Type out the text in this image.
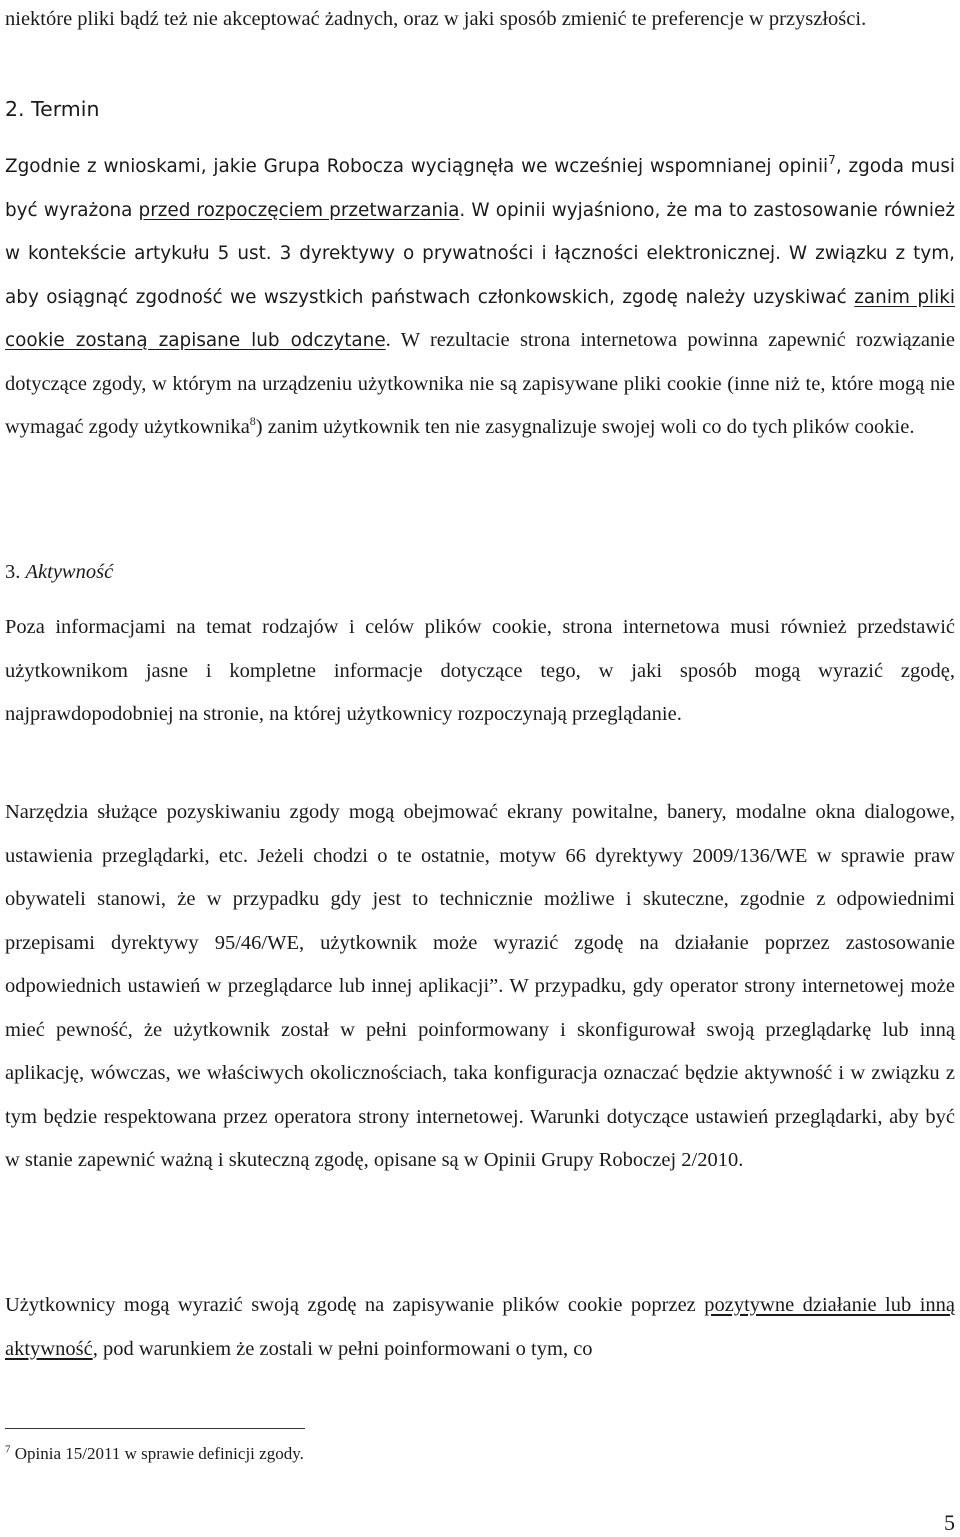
niektóre pliki bądź też nie akceptować żadnych, oraz w jaki sposób zmienić te preferencje w przyszłości.

2. Termin

Zgodnie z wnioskami, jakie Grupa Robocza wyciągnęła we wcześniej wspomnianej opinii$^7$, zgoda musi być wyrażona przed rozpoczęciem przetwarzania. W opinii wyjaśniono, że ma to zastosowanie również w kontekście artykułu 5 ust. 3 dyrektywy o prywatności i łączności elektronicznej. W związku z tym, aby osiągnąć zgodność we wszystkich państwach członkowskich, zgodę należy uzyskiwać zanim pliki cookie zostaną zapisane lub odczytane. W rezultacie strona internetowa powinna zapewnić rozwiązanie dotyczące zgody, w którym na urządzeniu użytkownika nie są zapisywane pliki cookie (inne niż te, które mogą nie wymagać zgody użytkownika$^8$) zanim użytkownik ten nie zasygnalizuje swojej woli co do tych plików cookie.

3. Aktywność

Poza informacjami na temat rodzajów i celów plików cookie, strona internetowa musi również przedstawić użytkownikom jasne i kompletne informacje dotyczące tego, w jaki sposób mogą wyrazić zgodę, najprawdopodobniej na stronie, na której użytkownicy rozpoczynają przeglądanie.

Narzędzia służące pozyskiwaniu zgody mogą obejmować ekrany powitalne, banery, modalne okna dialogowe, ustawienia przeglądarki, etc. Jeżeli chodzi o te ostatnie, motyw 66 dyrektywy 2009/136/WE w sprawie praw obywateli stanowi, że w przypadku gdy jest to technicznie możliwe i skuteczne, zgodnie z odpowiednimi przepisami dyrektywy 95/46/WE, użytkownik może wyrazić zgodę na działanie poprzez zastosowanie odpowiednich ustawień w przeglądarce lub innej aplikacji”. W przypadku, gdy operator strony internetowej może mieć pewność, że użytkownik został w pełni poinformowany i skonfigurował swoją przeglądarkę lub inną aplikację, wówczas, we właściwych okolicznościach, taka konfiguracja oznaczać będzie aktywność i w związku z tym będzie respektowana przez operatora strony internetowej. Warunki dotyczące ustawień przeglądarki, aby być w stanie zapewnić ważną i skuteczną zgodę, opisane są w Opinii Grupy Roboczej 2/2010.

Użytkownicy mogą wyrazić swoją zgodę na zapisywanie plików cookie poprzez pozytywne działanie lub inną aktywność, pod warunkiem że zostali w pełni poinformowani o tym, co

$^7$ Opinia 15/2011 w sprawie definicji zgody.

5
